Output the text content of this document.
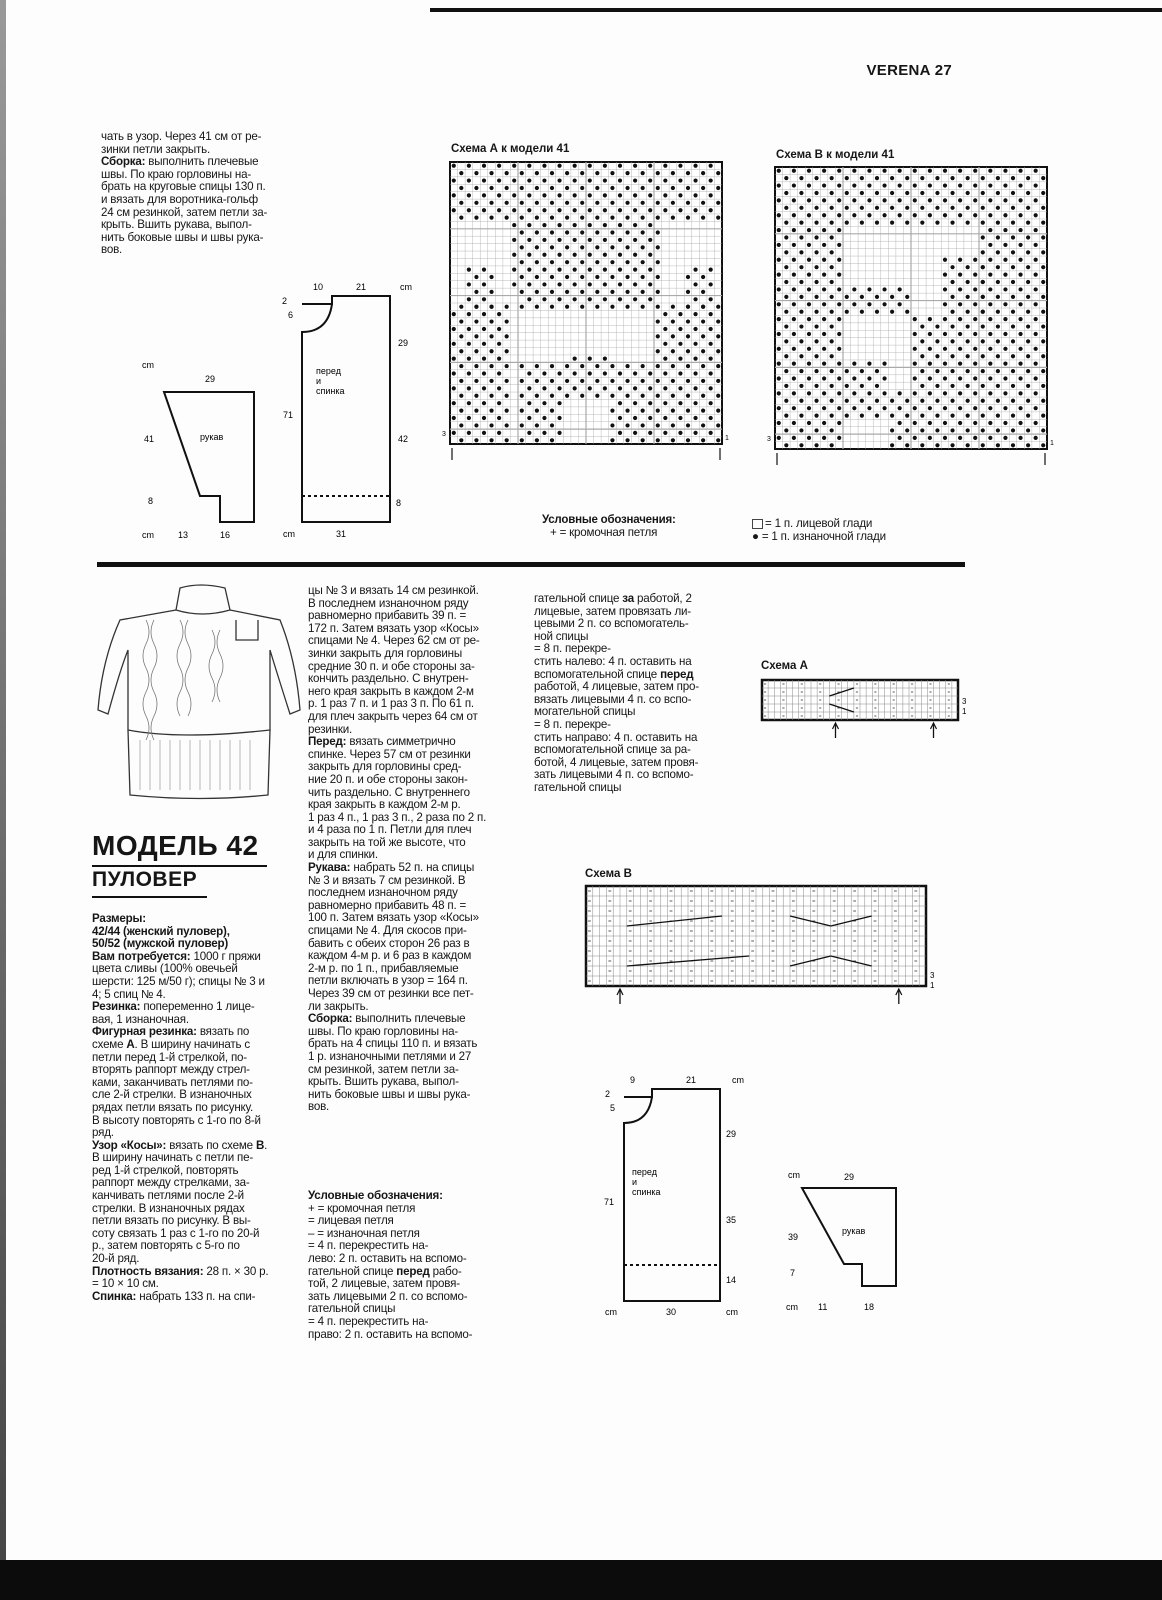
VERENA 27

чать в узор. Через 41 см от ре-

зинки петли закрыть.

Сборка: выполнить плечевые

швы. По краю горловины на-

брать на круговые спицы 130 п.

и вязать для воротника-гольф

24 см резинкой, затем петли за-

крыть. Вшить рукава, выпол-

нить боковые швы и швы рука-

вов.

10	21	cm
2
6
29
71
42
8
31
cm
перед
и
спинка
cm
29
41
8
рукав
cm	13	16
Схема А к модели 41
3
1
Схема В к модели 41
3
1
Условные обозначения:
+ = кромочная петля
= 1 п. лицевой глади
● = 1 п. изнаночной глади
МОДЕЛЬ 42
ПУЛОВЕР

Размеры:

42/44 (женский пуловер),

50/52 (мужской пуловер)

Вам потребуется: 1000 г пряжи

цвета сливы (100% овечьей

шерсти: 125 м/50 г); спицы № 3 и

4; 5 спиц № 4.

Резинка: попеременно 1 лице-

вая, 1 изнаночная.

Фигурная резинка: вязать по

схеме А. В ширину начинать с

петли перед 1-й стрелкой, по-

вторять раппорт между стрел-

ками, заканчивать петлями по-

сле 2-й стрелки. В изнаночных

рядах петли вязать по рисунку.

В высоту повторять с 1-го по 8-й

ряд.

Узор «Косы»: вязать по схеме В.

В ширину начинать с петли пе-

ред 1-й стрелкой, повторять

раппорт между стрелками, за-

канчивать петлями после 2-й

стрелки. В изнаночных рядах

петли вязать по рисунку. В вы-

соту связать 1 раз с 1-го по 20-й

р., затем повторять с 5-го по

20-й ряд.

Плотность вязания: 28 п. × 30 р.

= 10 × 10 см.

Спинка: набрать 133 п. на спи-

цы № 3 и вязать 14 см резинкой.

В последнем изнаночном ряду

равномерно прибавить 39 п. =

172 п. Затем вязать узор «Косы»

спицами № 4. Через 62 см от ре-

зинки закрыть для горловины

средние 30 п. и обе стороны за-

кончить раздельно. С внутрен-

него края закрыть в каждом 2-м

р. 1 раз 7 п. и 1 раз 3 п. По 61 п.

для плеч закрыть через 64 см от

резинки.

Перед: вязать симметрично

спинке. Через 57 см от резинки

закрыть для горловины сред-

ние 20 п. и обе стороны закон-

чить раздельно. С внутреннего

края закрыть в каждом 2-м р.

1 раз 4 п., 1 раз 3 п., 2 раза по 2 п.

и 4 раза по 1 п. Петли для плеч

закрыть на той же высоте, что

и для спинки.

Рукава: набрать 52 п. на спицы

№ 3 и вязать 7 см резинкой. В

последнем изнаночном ряду

равномерно прибавить 48 п. =

100 п. Затем вязать узор «Косы»

спицами № 4. Для скосов при-

бавить с обеих сторон 26 раз в

каждом 4-м р. и 6 раз в каждом

2-м р. по 1 п., прибавляемые

петли включать в узор = 164 п.

Через 39 см от резинки все пет-

ли закрыть.

Сборка: выполнить плечевые

швы. По краю горловины на-

брать на 4 спицы 110 п. и вязать

1 р. изнаночными петлями и 27

см резинкой, затем петли за-

крыть. Вшить рукава, выпол-

нить боковые швы и швы рука-

вов.

Условные обозначения:

+ = кромочная петля

= лицевая петля

– = изнаночная петля

= 4 п. перекрестить на-

лево: 2 п. оставить на вспомо-

гательной спице перед рабо-

той, 2 лицевые, затем провя-

зать лицевыми 2 п. со вспомо-

гательной спицы

= 4 п. перекрестить на-

право: 2 п. оставить на вспомо-

гательной спице за работой, 2

лицевые, затем провязать ли-

цевыми 2 п. со вспомогатель-

ной спицы

= 8 п. перекре-

стить налево: 4 п. оставить на

вспомогательной спице перед

работой, 4 лицевые, затем про-

вязать лицевыми 4 п. со вспо-

могательной спицы

= 8 п. перекре-

стить направо: 4 п. оставить на

вспомогательной спице за ра-

ботой, 4 лицевые, затем провя-

зать лицевыми 4 п. со вспомо-

гательной спицы

Схема А
3
1
Схема В
3
1
9	21	cm
2
5
29
71
35
14
30
cm	cm
перед
и
спинка
cm	29
39
рукав
7
cm 11	18
